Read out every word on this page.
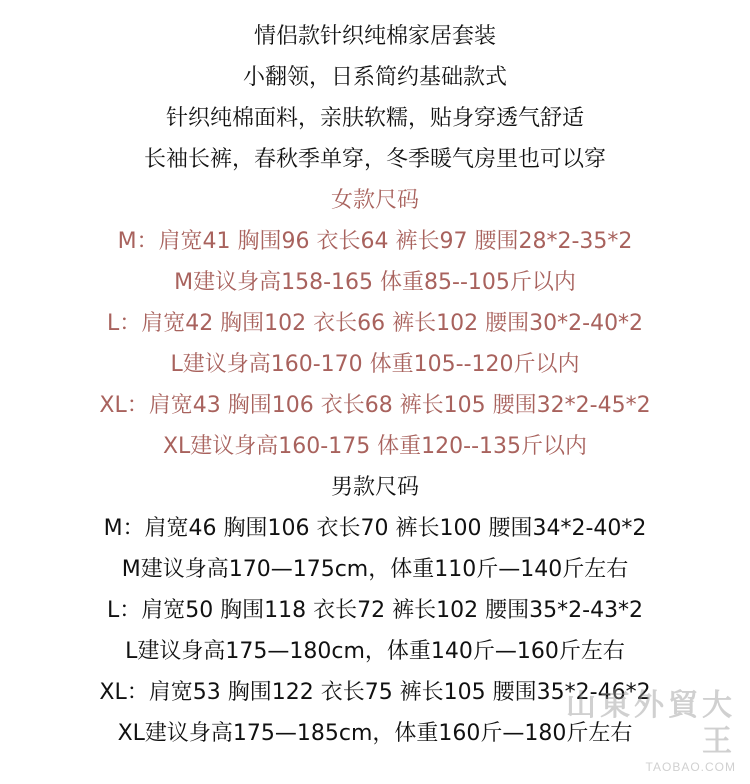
情侣款针织纯棉家居套装
小翻领，日系简约基础款式
针织纯棉面料，亲肤软糯，贴身穿透气舒适
长袖长裤，春秋季单穿，冬季暖气房里也可以穿
女款尺码
M：肩宽41 胸围96 衣长64 裤长97 腰围28*2-35*2
M建议身高158-165 体重85--105斤以内
L：肩宽42 胸围102 衣长66 裤长102 腰围30*2-40*2
L建议身高160-170 体重105--120斤以内
XL：肩宽43 胸围106 衣长68 裤长105 腰围32*2-45*2
XL建议身高160-175 体重120--135斤以内
男款尺码
M：肩宽46 胸围106 衣长70 裤长100 腰围34*2-40*2
M建议身高170—175cm，体重110斤—140斤左右
L：肩宽50 胸围118 衣长72 裤长102 腰围35*2-43*2
L建议身高175—180cm，体重140斤—160斤左右
XL：肩宽53 胸围122 衣长75 裤长105 腰围35*2-46*2
XL建议身高175—185cm，体重160斤—180斤左右
山東外貿大王
TAOBAO.COM
